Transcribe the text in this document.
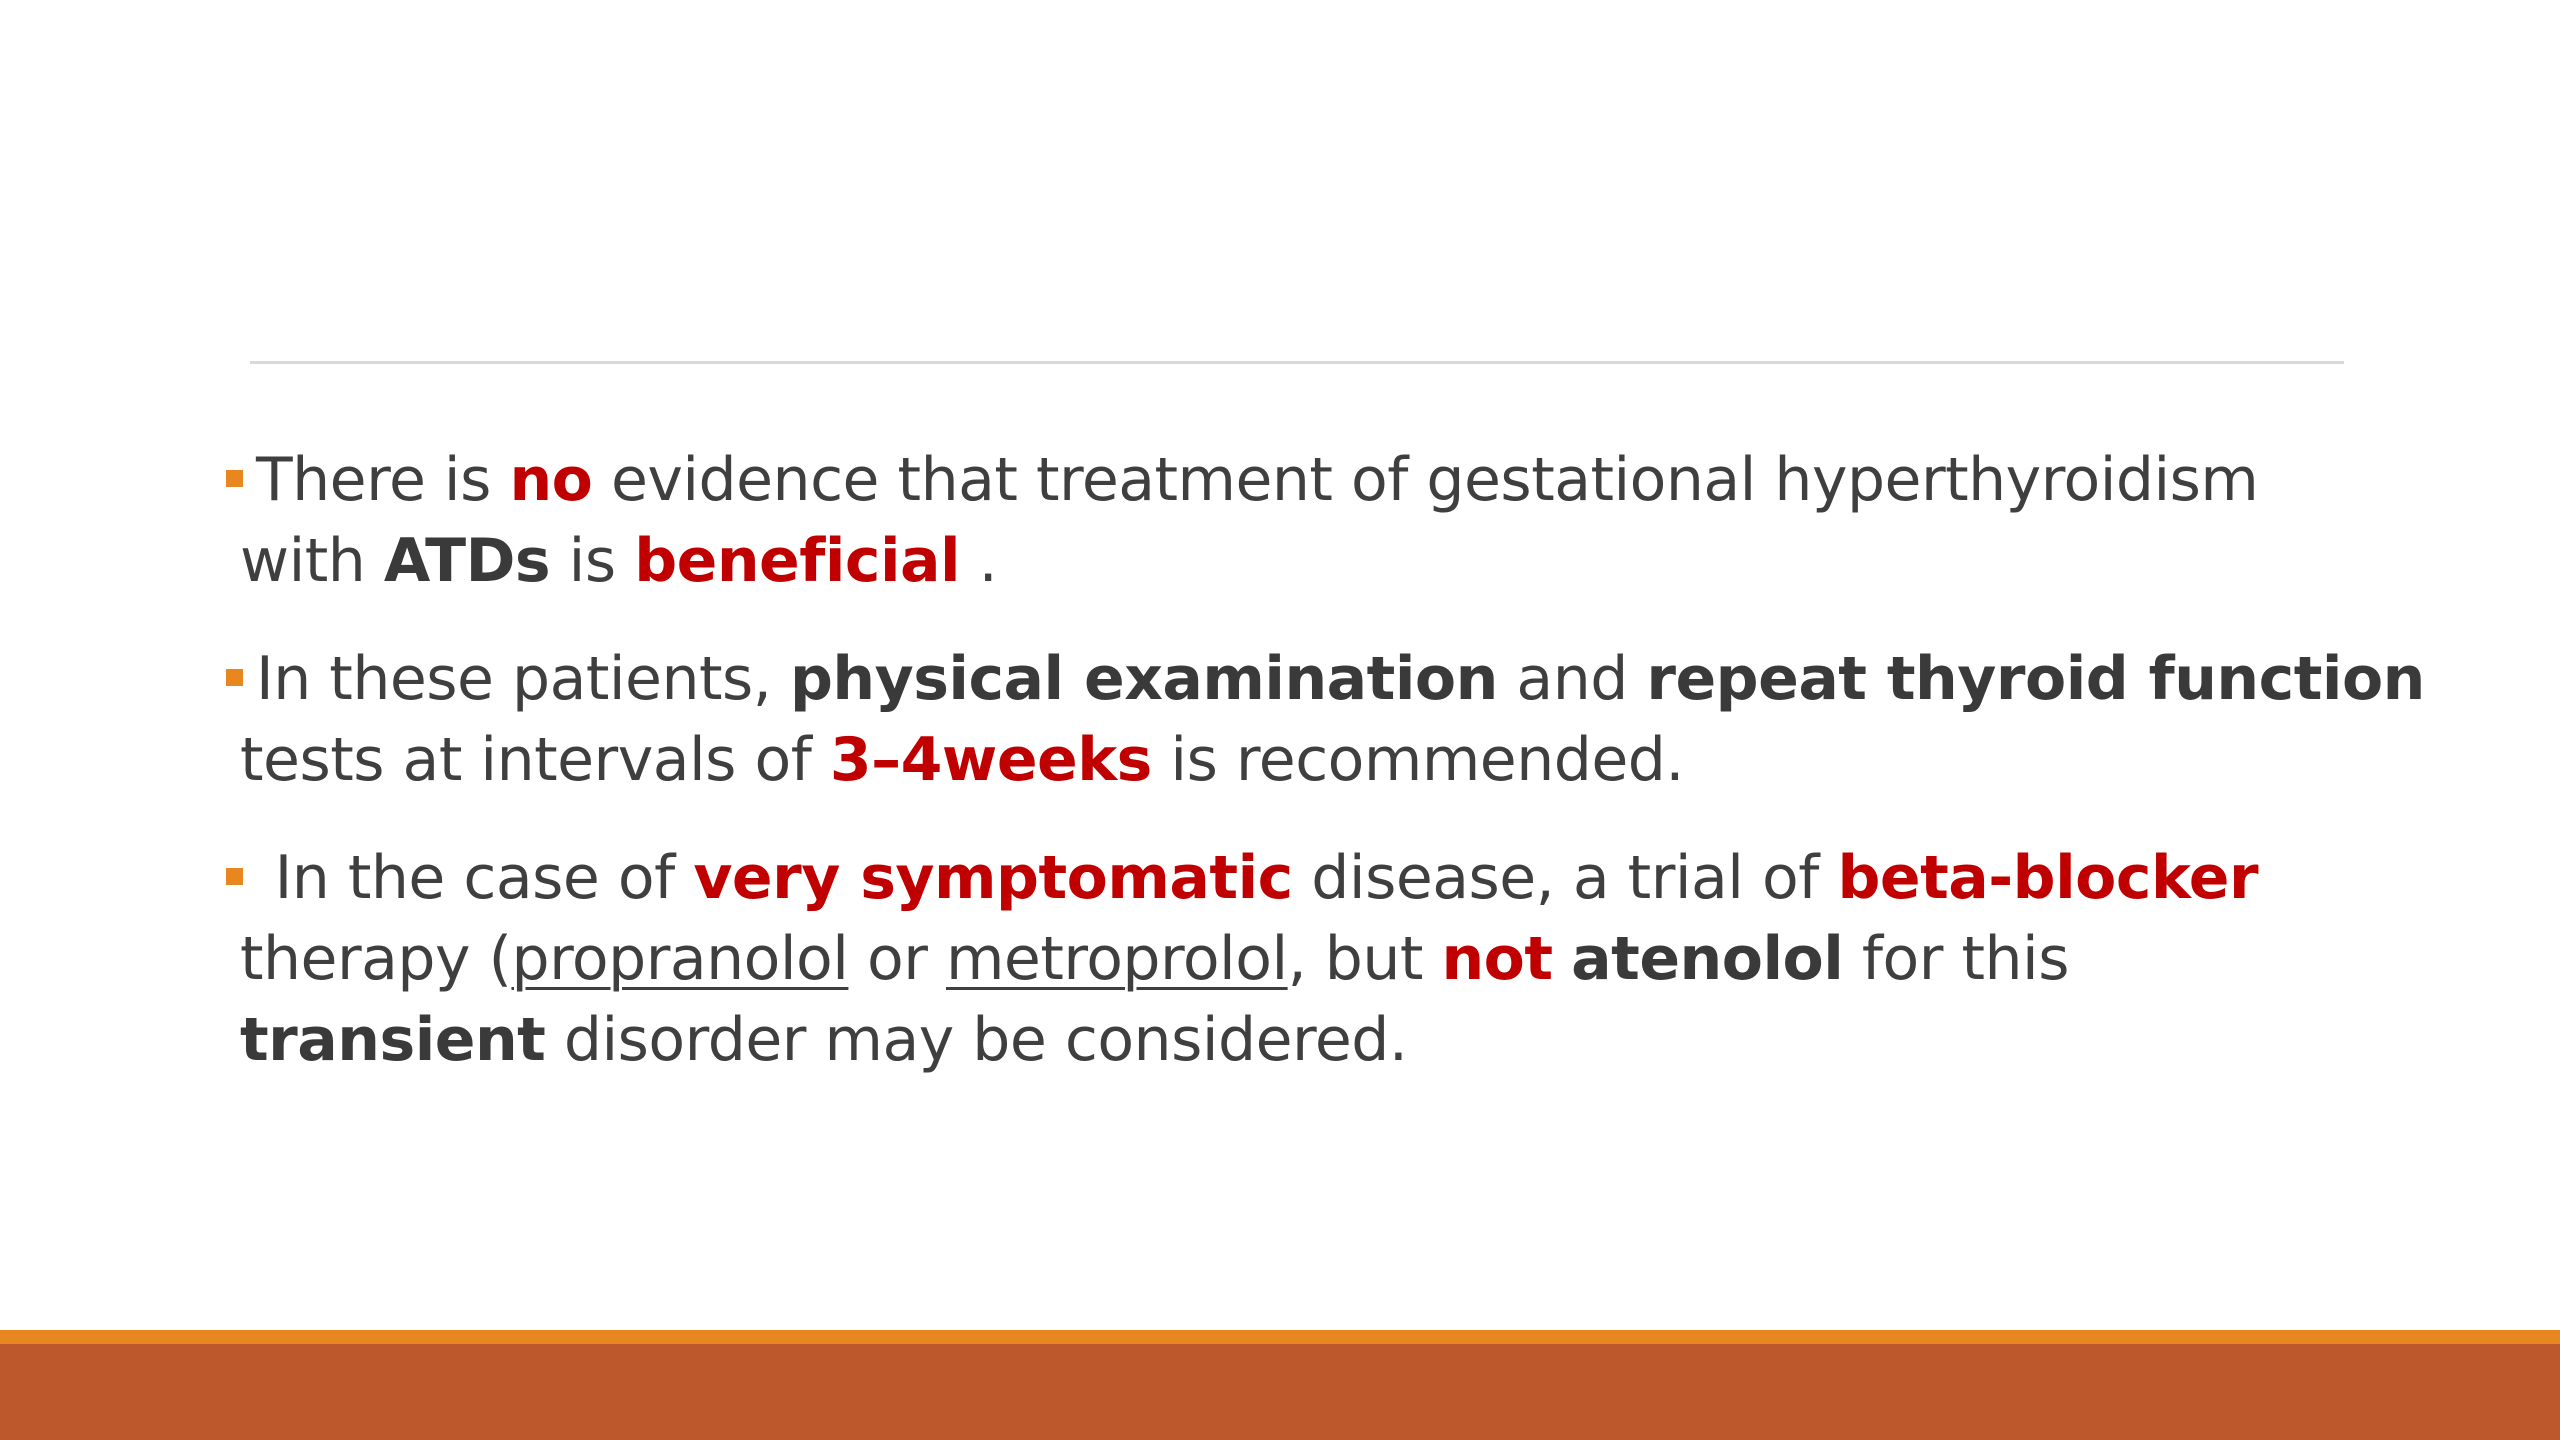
There is no evidence that treatment of gestational hyperthyroidism
with ATDs is beneficial .
In these patients, physical examination and repeat thyroid function
tests at intervals of 3–4weeks is recommended.
In the case of very symptomatic disease, a trial of beta-blocker
therapy (propranolol or metroprolol, but not atenolol for this
transient disorder may be considered.
